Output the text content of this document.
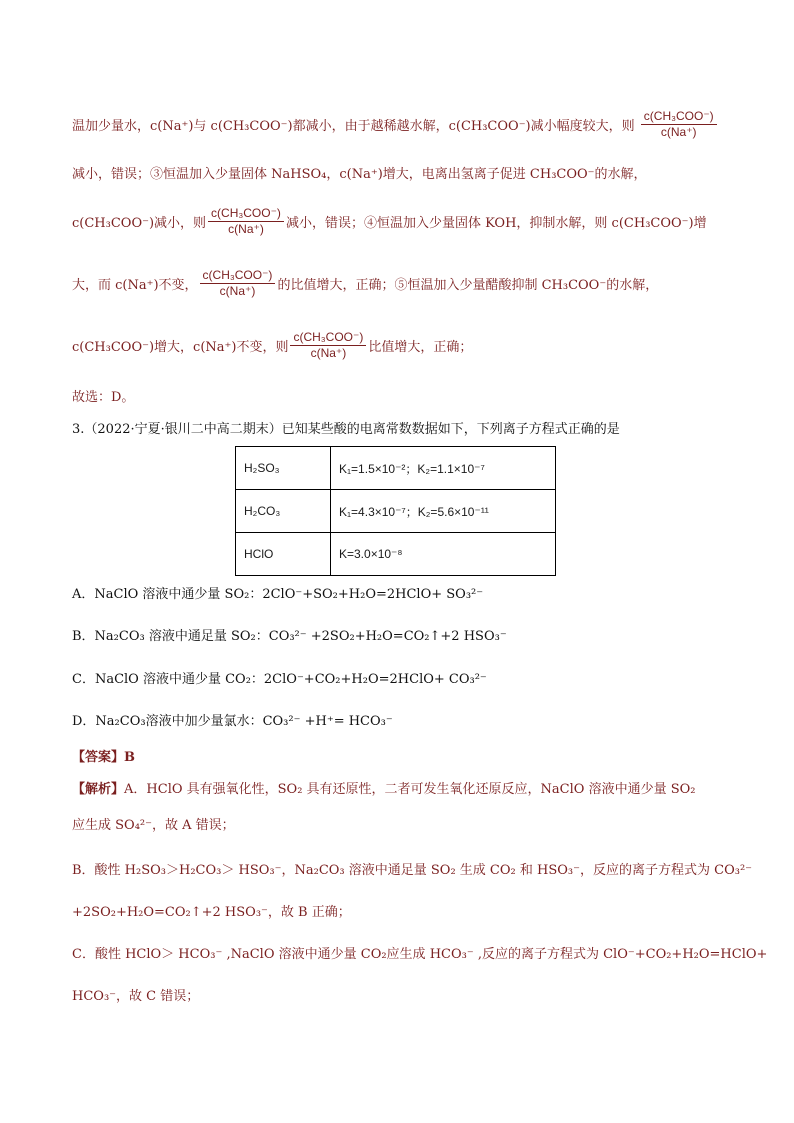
温加少量水，c(Na⁺)与 c(CH₃COO⁻)都减小，由于越稀越水解，c(CH₃COO⁻)减小幅度较大，则 $\frac{\text{c(CH₃COO⁻)}}{c(Na^+)}$
减小，错误；③恒温加入少量固体 NaHSO₄，c(Na⁺)增大，电离出氢离子促进 CH₃COO⁻的水解，
c(CH₃COO⁻)减小，则 $\frac{\text{c(CH₃COO⁻)}}{c(Na^+)}$ 减小，错误；④恒温加入少量固体 KOH，抑制水解，则 c(CH₃COO⁻)增
大，而 c(Na⁺)不变， $\frac{\text{c(CH₃COO⁻)}}{c(Na^+)}$ 的比值增大，正确；⑤恒温加入少量醋酸抑制 CH₃COO⁻的水解，
c(CH₃COO⁻)增大，c(Na⁺)不变，则 $\frac{\text{c(CH₃COO⁻)}}{c(Na^+)}$ 比值增大，正确；
故选：D。
3.（2022·宁夏·银川二中高二期末）已知某些酸的电离常数数据如下，下列离子方程式正确的是
H₂SO₃	K₁=1.5×10⁻²；K₂=1.1×10⁻⁷
H₂CO₃	K₁=4.3×10⁻⁷；K₂=5.6×10⁻¹¹
HClO	K=3.0×10⁻⁸
A．NaClO 溶液中通少量 SO₂：2ClO⁻+SO₂+H₂O=2HClO+ SO₃²⁻
B．Na₂CO₃ 溶液中通足量 SO₂：CO₃²⁻ +2SO₂+H₂O=CO₂↑+2 HSO₃⁻
C．NaClO 溶液中通少量 CO₂：2ClO⁻+CO₂+H₂O=2HClO+ CO₃²⁻
D．Na₂CO₃溶液中加少量氯水：CO₃²⁻ +H⁺= HCO₃⁻
【答案】B
【解析】A．HClO 具有强氧化性，SO₂ 具有还原性，二者可发生氧化还原反应，NaClO 溶液中通少量 SO₂
应生成 SO₄²⁻，故 A 错误；
B．酸性 H₂SO₃＞H₂CO₃＞ HSO₃⁻，Na₂CO₃ 溶液中通足量 SO₂ 生成 CO₂ 和 HSO₃⁻，反应的离子方程式为 CO₃²⁻
+2SO₂+H₂O=CO₂↑+2 HSO₃⁻，故 B 正确；
C．酸性 HClO＞ HCO₃⁻ ,NaClO 溶液中通少量 CO₂应生成 HCO₃⁻ ,反应的离子方程式为 ClO⁻+CO₂+H₂O=HClO+
HCO₃⁻，故 C 错误；
